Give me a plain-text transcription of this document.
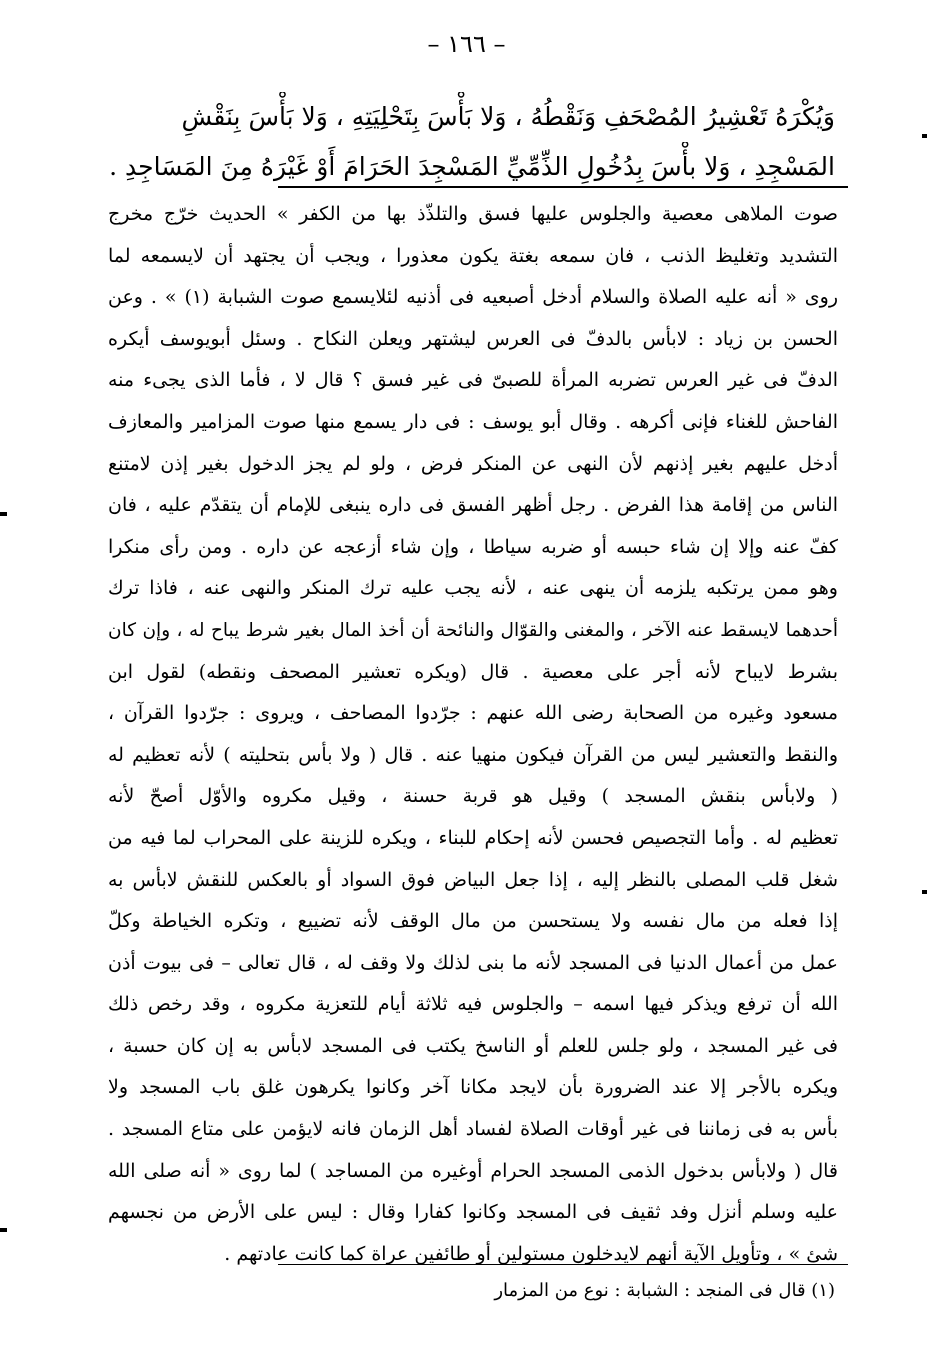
– ١٦٦ –
وَيُكْرَهُ تَعْشِيرُ المُصْحَفِ وَنَقْطُهُ ، وَلا بَأْسَ بِتَحْلِيَتِهِ ، وَلا بَأْسَ بِنَقْشِ
المَسْجِدِ ، وَلا بأْسَ بِدُخُولِ الذِّمِّيِّ المَسْجِدَ الحَرَامَ أَوْ غَيْرَهُ مِنَ المَسَاجِدِ .
صوت الملاهى معصية والجلوس عليها فسق والتلذّذ بها من الكفر » الحديث خرّج مخرج
التشديد وتغليظ الذنب ، فان سمعه بغتة يكون معذورا ، ويجب أن يجتهد أن لايسمعه لما
روى « أنه عليه الصلاة والسلام أدخل أصبعيه فى أذنيه لئلايسمع صوت الشبابة (١) » . وعن
الحسن بن زياد : لابأس بالدفّ فى العرس ليشتهر ويعلن النكاح . وسئل أبويوسف أيكره
الدفّ فى غير العرس تضربه المرأة للصبىّ فى غير فسق ؟ قال لا ، فأما الذى يجىء منه
الفاحش للغناء فإنى أكرهه . وقال أبو يوسف : فى دار يسمع منها صوت المزامير والمعازف
أدخل عليهم بغير إذنهم لأن النهى عن المنكر فرض ، ولو لم يجز الدخول بغير إذن لامتنع
الناس من إقامة هذا الفرض . رجل أظهر الفسق فى داره ينبغى للإمام أن يتقدّم عليه ، فان
كفّ عنه وإلا إن شاء حبسه أو ضربه سياطا ، وإن شاء أزعجه عن داره . ومن رأى منكرا
وهو ممن يرتكبه يلزمه أن ينهى عنه ، لأنه يجب عليه ترك المنكر والنهى عنه ، فاذا ترك
أحدهما لايسقط عنه الآخر ، والمغنى والقوّال والنائحة أن أخذ المال بغير شرط يباح له ، وإن كان
بشرط لايباح لأنه أجر على معصية . قال (ويكره تعشير المصحف ونقطه) لقول ابن
مسعود وغيره من الصحابة رضى الله عنهم : جرّدوا المصاحف ، ويروى : جرّدوا القرآن ،
والنقط والتعشير ليس من القرآن فيكون منهيا عنه . قال ( ولا بأس بتحليته ) لأنه تعظيم له
( ولابأس بنقش المسجد ) وقيل هو قربة حسنة ، وقيل مكروه والأوّل أصحّ لأنه
تعظيم له . وأما التجصيص فحسن لأنه إحكام للبناء ، ويكره للزينة على المحراب لما فيه من
شغل قلب المصلى بالنظر إليه ، إذا جعل البياض فوق السواد أو بالعكس للنقش لابأس به
إذا فعله من مال نفسه ولا يستحسن من مال الوقف لأنه تضييع ، وتكره الخياطة وكلّ
عمل من أعمال الدنيا فى المسجد لأنه ما بنى لذلك ولا وقف له ، قال تعالى – فى بيوت أذن
الله أن ترفع ويذكر فيها اسمه – والجلوس فيه ثلاثة أيام للتعزية مكروه ، وقد رخص ذلك
فى غير المسجد ، ولو جلس للعلم أو الناسخ يكتب فى المسجد لابأس به إن كان حسبة ،
ويكره بالأجر إلا عند الضرورة بأن لايجد مكانا آخر وكانوا يكرهون غلق باب المسجد ولا
بأس به فى زماننا فى غير أوقات الصلاة لفساد أهل الزمان فانه لايؤمن على متاع المسجد .
قال ( ولابأس بدخول الذمى المسجد الحرام أوغيره من المساجد ) لما روى « أنه صلى الله
عليه وسلم أنزل وفد ثقيف فى المسجد وكانوا كفارا وقال : ليس على الأرض من نجسهم
شئ » ، وتأويل الآية أنهم لايدخلون مستولين أو طائفين عراة كما كانت عادتهم .
(١) قال فى المنجد : الشبابة : نوع من المزمار
